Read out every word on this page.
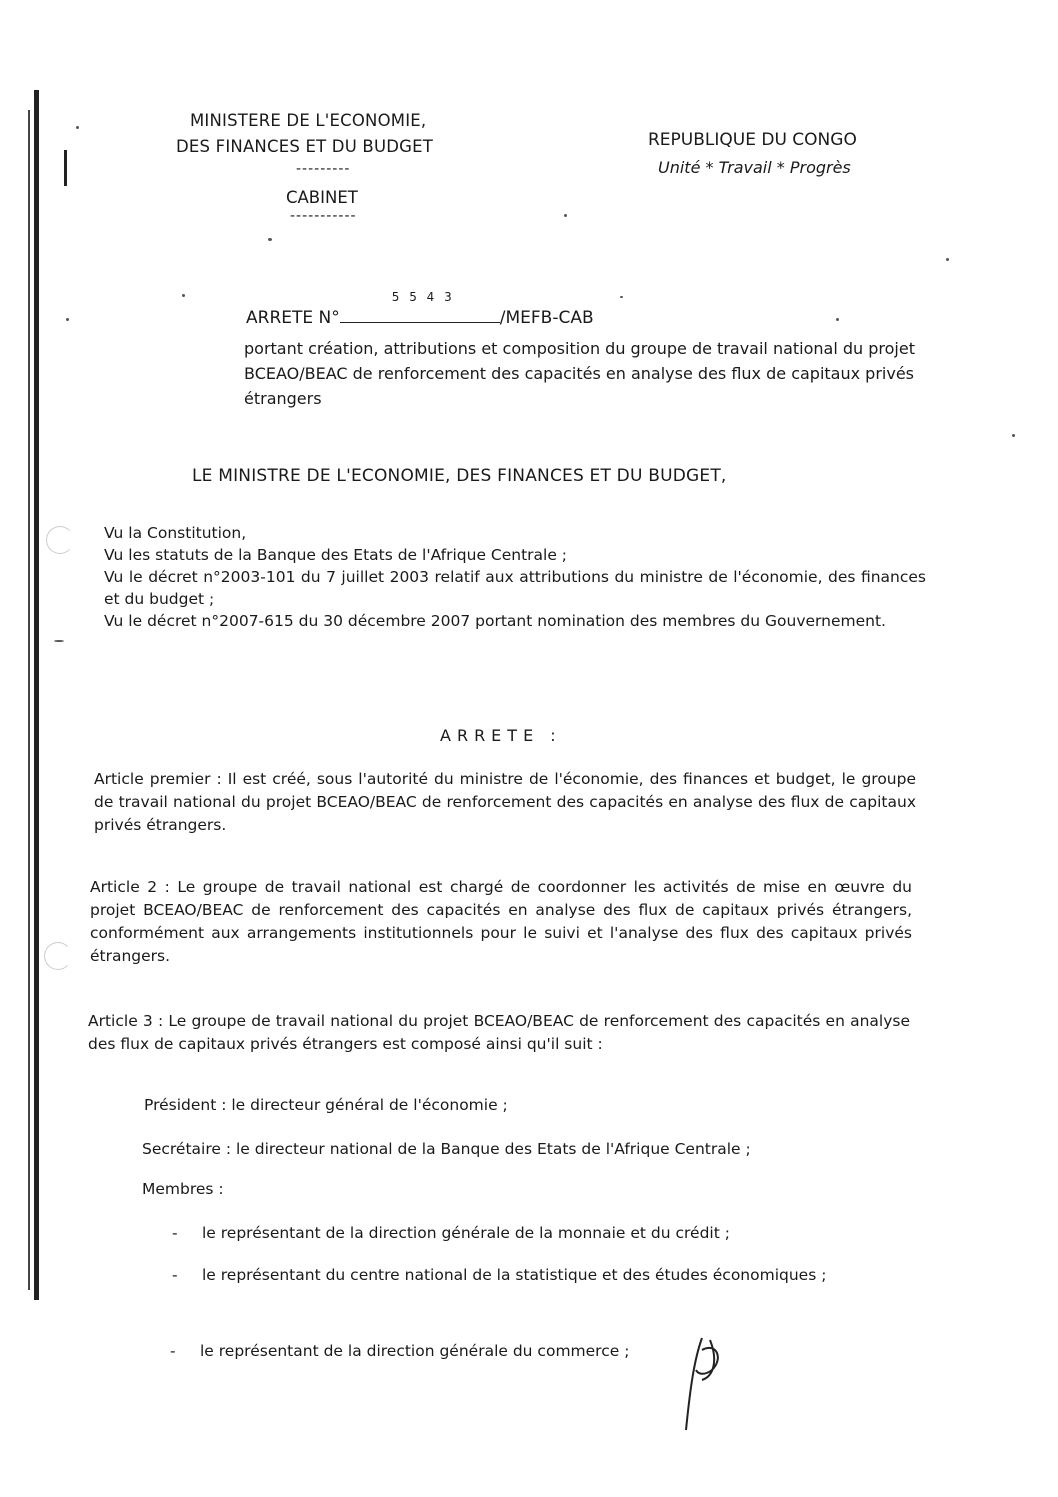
MINISTERE DE L'ECONOMIE,
DES FINANCES ET DU BUDGET
---------
CABINET
-----------
REPUBLIQUE DU CONGO
Unité * Travail * Progrès
ARRETE N°
5 5 4 3
/MEFB-CAB
portant création, attributions et composition du groupe de travail national du projet BCEAO/BEAC de renforcement des capacités en analyse des flux de capitaux privés étrangers
LE MINISTRE DE L'ECONOMIE, DES FINANCES ET DU BUDGET,

Vu la Constitution,

Vu les statuts de la Banque des Etats de l'Afrique Centrale ;

Vu le décret n°2003-101 du 7 juillet 2003 relatif aux attributions du ministre de l'économie, des finances et du budget ;

Vu le décret n°2007-615 du 30 décembre 2007 portant nomination des membres du Gouvernement.

ARRETE :
Article premier : Il est créé, sous l'autorité du ministre de l'économie, des finances et budget, le groupe de travail national du projet BCEAO/BEAC de renforcement des capacités en analyse des flux de capitaux privés étrangers.
Article 2 : Le groupe de travail national est chargé de coordonner les activités de mise en œuvre du projet BCEAO/BEAC de renforcement des capacités en analyse des flux de capitaux privés étrangers, conformément aux arrangements institutionnels pour le suivi et l'analyse des flux des capitaux privés étrangers.
Article 3 : Le groupe de travail national du projet BCEAO/BEAC de renforcement des capacités en analyse des flux de capitaux privés étrangers est composé ainsi qu'il suit :
Président : le directeur général de l'économie ;
Secrétaire : le directeur national de la Banque des Etats de l'Afrique Centrale ;
Membres :
- le représentant de la direction générale de la monnaie et du crédit ;
- le représentant du centre national de la statistique et des études économiques ;
- le représentant de la direction générale du commerce ;
